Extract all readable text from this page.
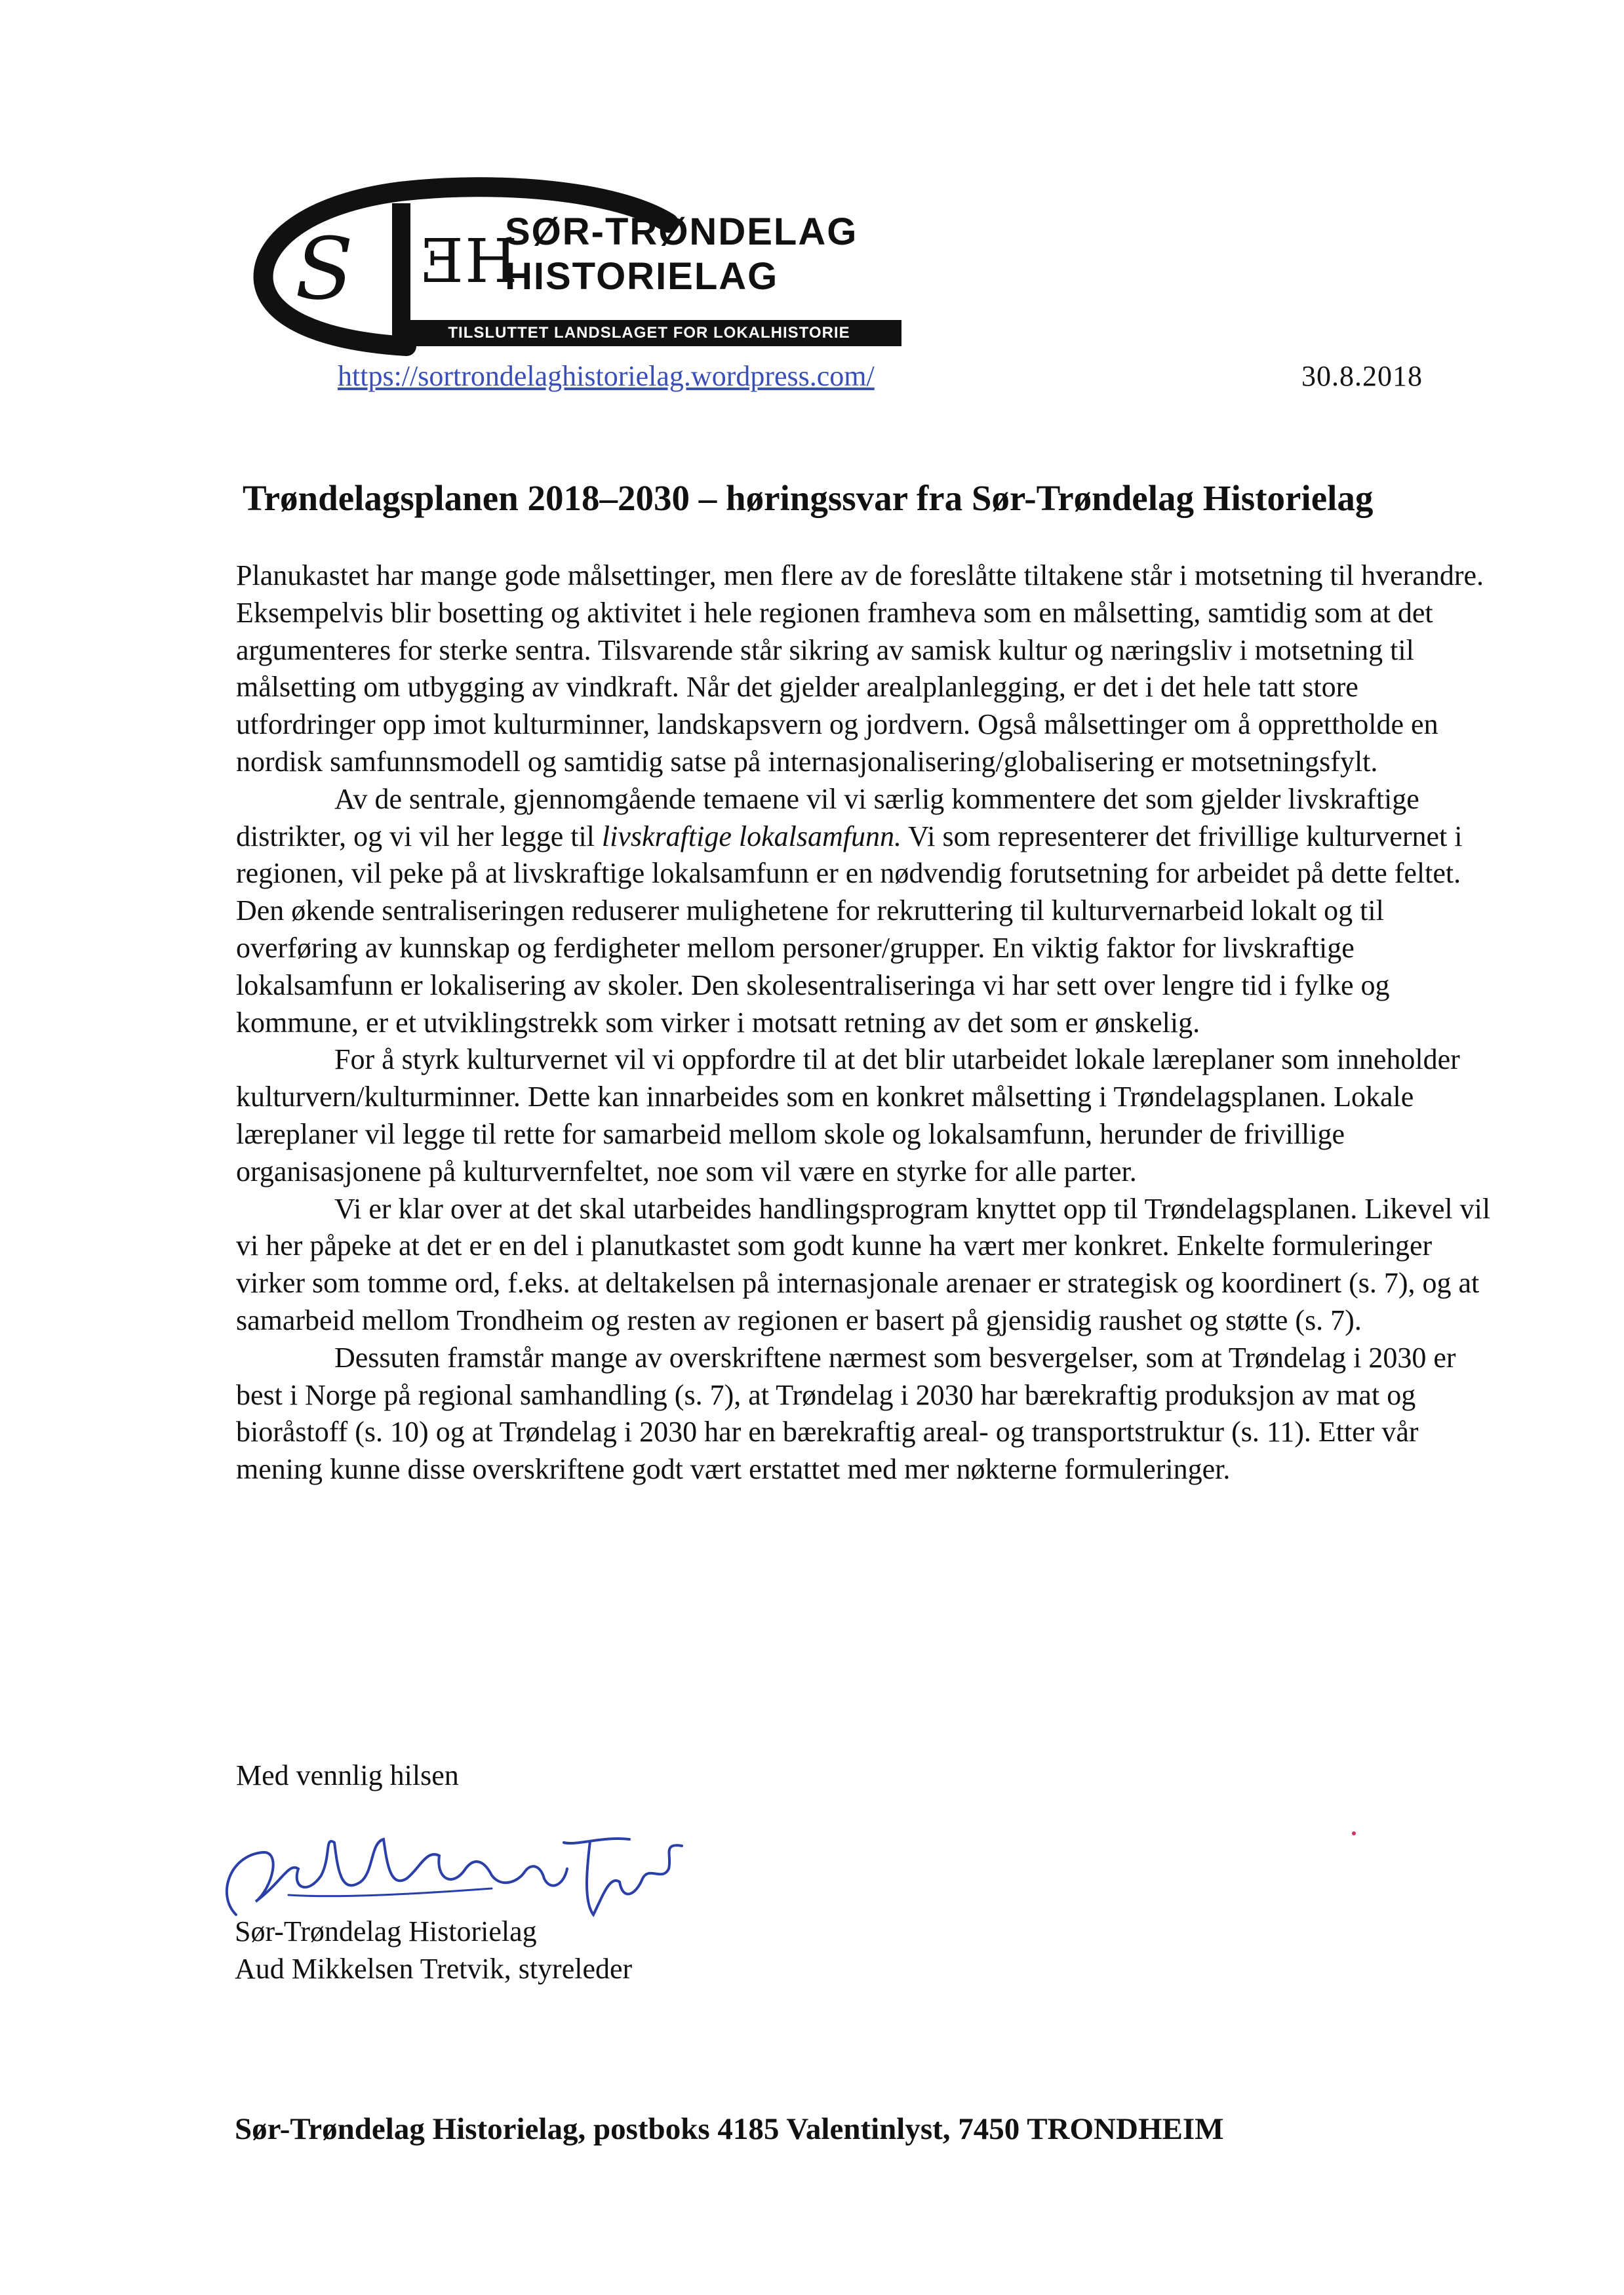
S ƎH
SØR-TRØNDELAG
HISTORIELAG
TILSLUTTET LANDSLAGET FOR LOKALHISTORIE
https://sortrondelaghistorielag.wordpress.com/	30.8.2018
Trøndelagsplanen 2018–2030 – høringssvar fra Sør-Trøndelag Historielag

Planukastet har mange gode målsettinger, men flere av de foreslåtte tiltakene står i motsetning til hverandre. Eksempelvis blir bosetting og aktivitet i hele regionen framheva som en målsetting, samtidig som at det argumenteres for sterke sentra. Tilsvarende står sikring av samisk kultur og næringsliv i motsetning til målsetting om utbygging av vindkraft. Når det gjelder arealplanlegging, er det i det hele tatt store utfordringer opp imot kulturminner, landskapsvern og jordvern. Også målsettinger om å opprettholde en nordisk samfunnsmodell og samtidig satse på internasjonalisering/globalisering er motsetningsfylt.

Av de sentrale, gjennomgående temaene vil vi særlig kommentere det som gjelder livskraftige distrikter, og vi vil her legge til livskraftige lokalsamfunn. Vi som representerer det frivillige kulturvernet i regionen, vil peke på at livskraftige lokalsamfunn er en nødvendig forutsetning for arbeidet på dette feltet. Den økende sentraliseringen reduserer mulighetene for rekruttering til kulturvernarbeid lokalt og til overføring av kunnskap og ferdigheter mellom personer/grupper. En viktig faktor for livskraftige lokalsamfunn er lokalisering av skoler. Den skolesentraliseringa vi har sett over lengre tid i fylke og kommune, er et utviklingstrekk som virker i motsatt retning av det som er ønskelig.

For å styrk kulturvernet vil vi oppfordre til at det blir utarbeidet lokale læreplaner som inneholder kulturvern/kulturminner. Dette kan innarbeides som en konkret målsetting i Trøndelagsplanen. Lokale læreplaner vil legge til rette for samarbeid mellom skole og lokalsamfunn, herunder de frivillige organisasjonene på kulturvernfeltet, noe som vil være en styrke for alle parter.

Vi er klar over at det skal utarbeides handlingsprogram knyttet opp til Trøndelagsplanen. Likevel vil vi her påpeke at det er en del i planutkastet som godt kunne ha vært mer konkret. Enkelte formuleringer virker som tomme ord, f.eks. at deltakelsen på internasjonale arenaer er strategisk og koordinert (s. 7), og at samarbeid mellom Trondheim og resten av regionen er basert på gjensidig raushet og støtte (s. 7).

Dessuten framstår mange av overskriftene nærmest som besvergelser, som at Trøndelag i 2030 er best i Norge på regional samhandling (s. 7), at Trøndelag i 2030 har bærekraftig produksjon av mat og bioråstoff (s. 10) og at Trøndelag i 2030 har en bærekraftig areal- og transportstruktur (s. 11). Etter vår mening kunne disse overskriftene godt vært erstattet med mer nøkterne formuleringer.

Med vennlig hilsen
Sør-Trøndelag Historielag
Aud Mikkelsen Tretvik, styreleder
Sør-Trøndelag Historielag, postboks 4185 Valentinlyst, 7450 TRONDHEIM
